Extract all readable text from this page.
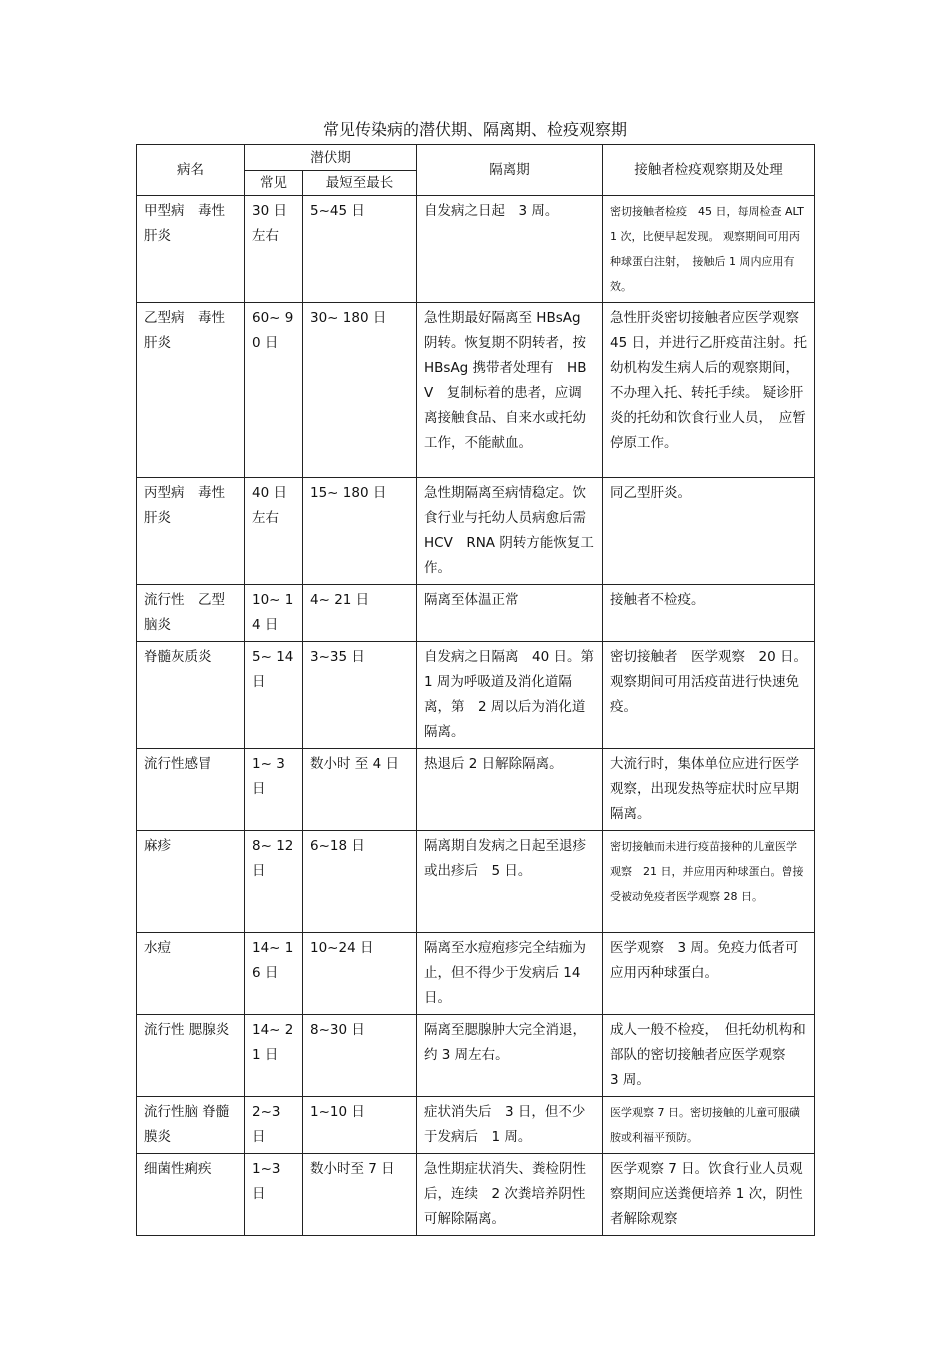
常见传染病的潜伏期、隔离期、检疫观察期
病名	潜伏期		隔离期	接触者检疫观察期及处理
	常见	最短至最长		
甲型病　毒性肝炎	30 日左右	5~45 日	自发病之日起　3 周。	密切接触者检疫　45 日，每周检查 ALT1 次，比便早起发现。 观察期间可用丙种球蛋白注射，　接触后 1 周内应用有效。
乙型病　毒性肝炎	60~ 90 日	30~ 180 日	急性期最好隔离至 HBsAg 阴转。恢复期不阴转者，按 HBsAg 携带者处理有　HBV　复制标着的患者，应调离接触食品、自来水或托幼工作，不能献血。	急性肝炎密切接触者应医学观察　45 日，并进行乙肝疫苗注射。托幼机构发生病人后的观察期间，　不办理入托、转托手续。 疑诊肝炎的托幼和饮食行业人员，　应暂停原工作。
丙型病　毒性肝炎	40 日左右	15~ 180 日	急性期隔离至病情稳定。饮食行业与托幼人员病愈后需　HCV　RNA 阴转方能恢复工作。	同乙型肝炎。
流行性　乙型脑炎	10~ 14 日	4~ 21 日	隔离至体温正常	接触者不检疫。
脊髓灰质炎	5~ 14 日	3~35 日	自发病之日隔离　40 日。第 1 周为呼吸道及消化道隔离，第　2 周以后为消化道隔离。	密切接触者　医学观察　20 日。观察期间可用活疫苗进行快速免疫。
流行性感冒	1~ 3 日	数小时 至 4 日	热退后 2 日解除隔离。	大流行时，集体单位应进行医学观察，出现发热等症状时应早期隔离。
麻疹	8~ 12 日	6~18 日	隔离期自发病之日起至退疹或出疹后　5 日。	密切接触而未进行疫苗接种的儿童医学观察　21 日，并应用丙种球蛋白。曾接受被动免疫者医学观察 28 日。
水痘	14~ 16 日	10~24 日	隔离至水痘疱疹完全结痂为止，但不得少于发病后 14 日。	医学观察　3 周。免疫力低者可应用丙种球蛋白。
流行性 腮腺炎	14~ 21 日	8~30 日	隔离至腮腺肿大完全消退，约 3 周左右。	成人一般不检疫，　但托幼机构和部队的密切接触者应医学观察　3 周。
流行性脑 脊髓膜炎	2~3 日	1~10 日	症状消失后　3 日，但不少于发病后　1 周。	医学观察 7 日。密切接触的儿童可服磺胺或利福平预防。
细菌性痢疾	1~3 日	数小时至 7 日	急性期症状消失、粪检阴性后，连续　2 次粪培养阴性可解除隔离。	医学观察 7 日。饮食行业人员观察期间应送粪便培养 1 次，阴性者解除观察
